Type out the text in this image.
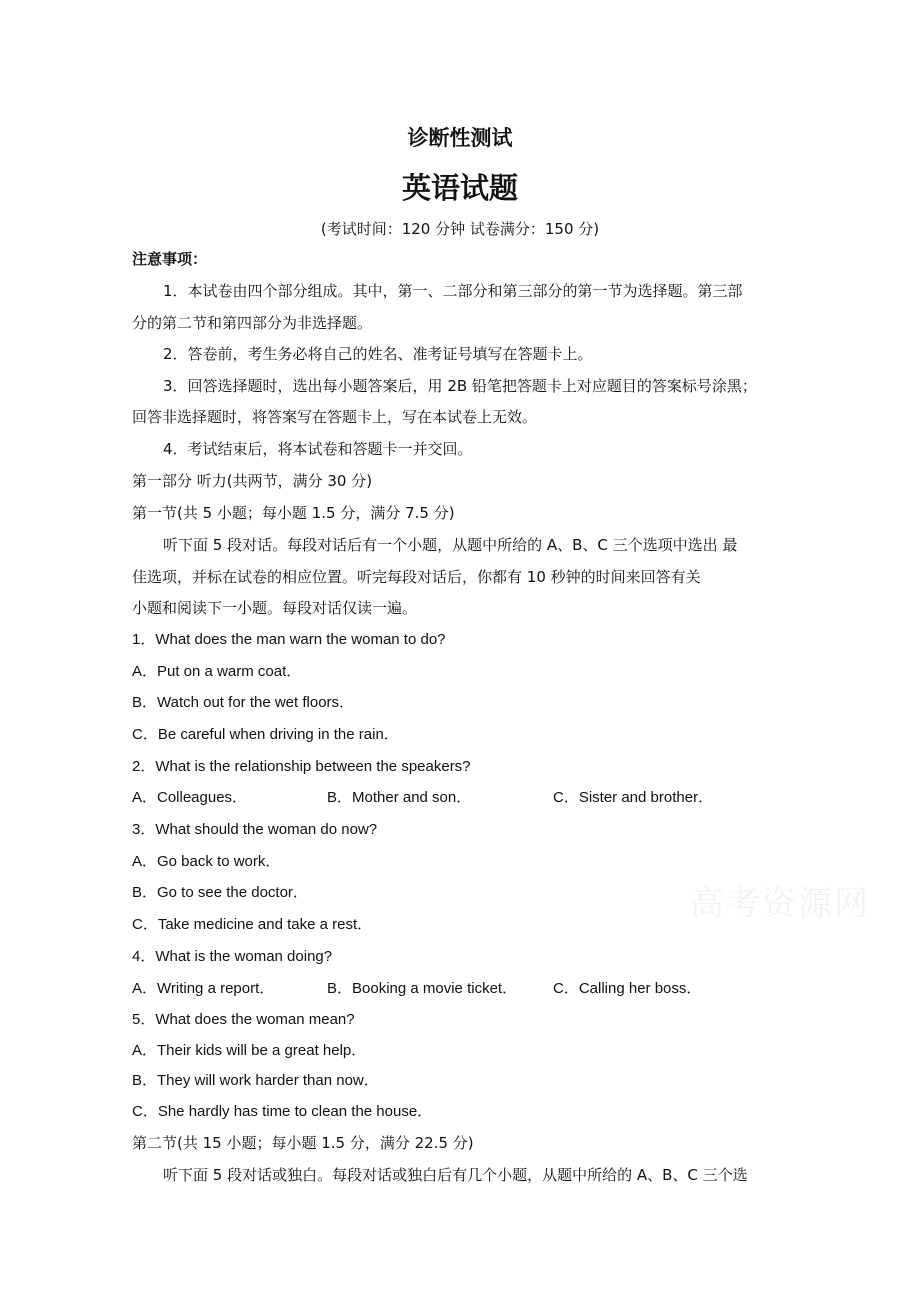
诊断性测试
英语试题
(考试时间：120 分钟 试卷满分：150 分)
注意事项：
1．本试卷由四个部分组成。其中，第一、二部分和第三部分的第一节为选择题。第三部
分的第二节和第四部分为非选择题。
2．答卷前，考生务必将自己的姓名、准考证号填写在答题卡上。
3．回答选择题时，选出每小题答案后，用 2B 铅笔把答题卡上对应题目的答案标号涂黑；
回答非选择题时，将答案写在答题卡上，写在本试卷上无效。
4．考试结束后，将本试卷和答题卡一并交回。
第一部分 听力(共两节，满分 30 分)
第一节(共 5 小题；每小题 1.5 分，满分 7.5 分)
听下面 5 段对话。每段对话后有一个小题，从题中所给的 A、B、C 三个选项中选出 最
佳选项，并标在试卷的相应位置。听完每段对话后，你都有 10 秒钟的时间来回答有关
小题和阅读下一小题。每段对话仅读一遍。
1．What does the man warn the woman to do?
A．Put on a warm coat．
B．Watch out for the wet floors．
C．Be careful when driving in the rain．
2．What is the relationship between the speakers?
A．Colleagues．	B．Mother and son．	C．Sister and brother．
3．What should the woman do now?
A．Go back to work．
B．Go to see the doctor．
C．Take medicine and take a rest．
4．What is the woman doing?
A．Writing a report．	B．Booking a movie ticket． C．Calling her boss．
5．What does the woman mean?
A．Their kids will be a great help．
B．They will work harder than now．
C．She hardly has time to clean the house．
第二节(共 15 小题；每小题 1.5 分，满分 22.5 分)
听下面 5 段对话或独白。每段对话或独白后有几个小题，从题中所给的 A、B、C 三个选
高考资源网
